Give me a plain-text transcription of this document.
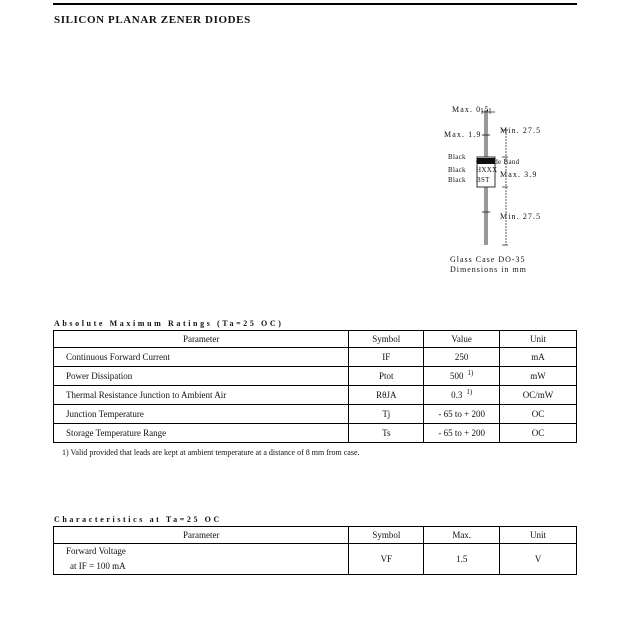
SILICON PLANAR ZENER DIODES
Max. 0.5
Max. 1.9 Min. 27.5
Max. 3.9
Min. 27.5
Black
Cathode Band
Black HXXX
Black BST
Glass Case DO-35
Dimensions in mm
Absolute Maximum Ratings (Ta=25 OC)
Parameter	Symbol	Value	Unit
Continuous Forward Current	IF	250	mA
Power Dissipation	Ptot	500 $^{1)}$	mW
Thermal Resistance Junction to Ambient Air	RθJA	0.3 $^{1)}$	OC/mW
Junction Temperature	Tj	- 65 to + 200	OC
Storage Temperature Range	Ts	- 65 to + 200	OC
1) Valid provided that leads are kept at ambient temperature at a distance of 8 mm from case.
Characteristics at Ta=25 OC
Parameter	Symbol	Max.	Unit

Forward Voltage
at IF = 100 mA	VF	1.5	V
